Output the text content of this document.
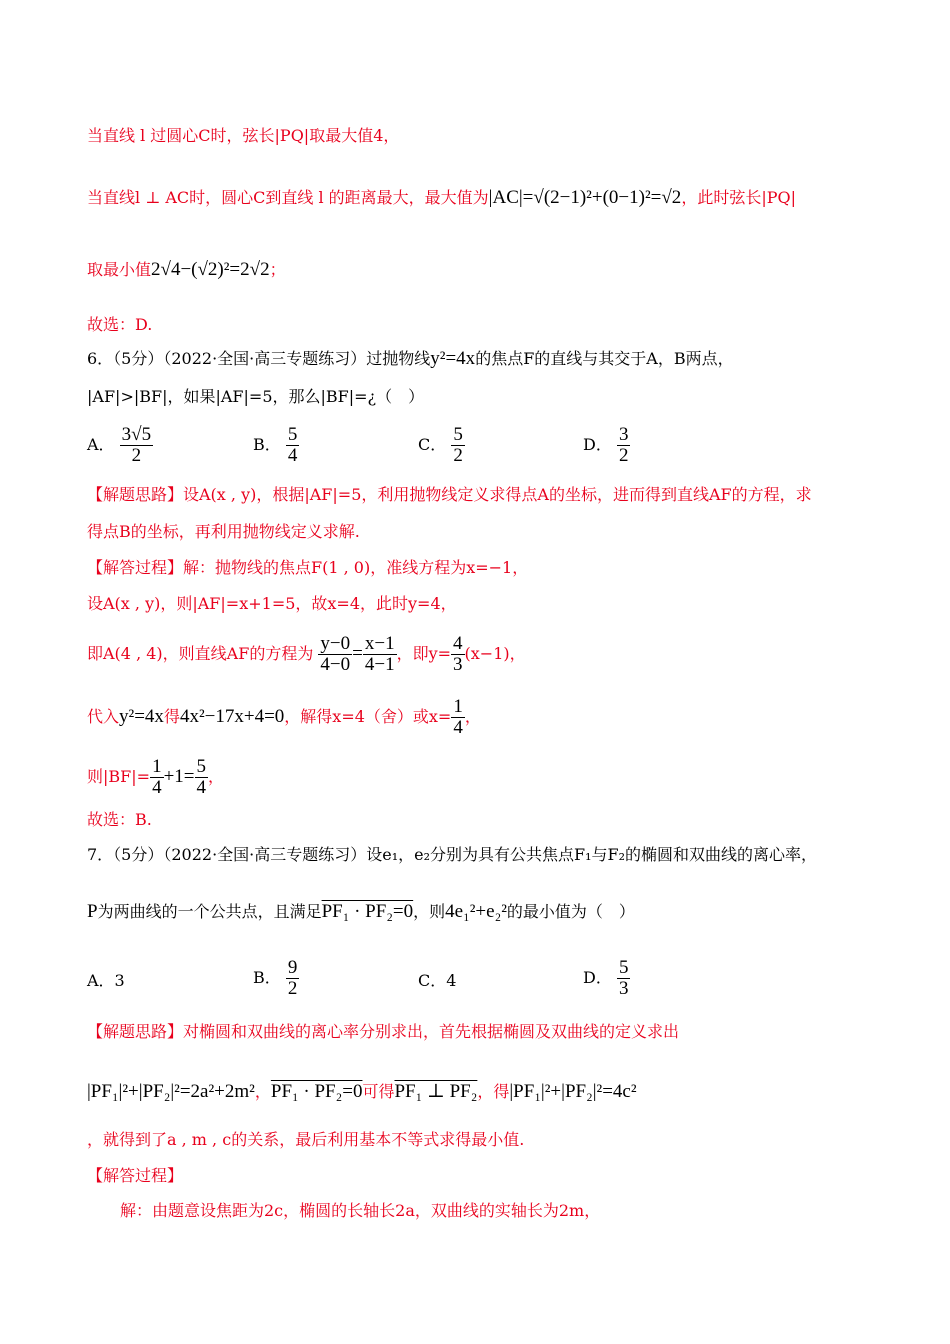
当直线 l 过圆心C时，弦长|PQ|取最大值4，
当直线l ⊥ AC时，圆心C到直线 l 的距离最大，最大值为|AC|=√(2−1)²+(0−1)²=√2，此时弦长|PQ|
取最小值2√4−(√2)²=2√2；
故选：D.
6．（5分）（2022·全国·高三专题练习）过抛物线y²=4x的焦点F的直线与其交于A，B两点，
|AF|>|BF|，如果|AF|=5，那么|BF|=¿（　）
A． $\frac{3√5}{2}$	B． $\frac{5}{4}$	C． $\frac{5}{2}$	D． $\frac{3}{2}$
【解题思路】设A(x , y)，根据|AF|=5，利用抛物线定义求得点A的坐标，进而得到直线AF的方程，求
得点B的坐标，再利用抛物线定义求解.
【解答过程】解：抛物线的焦点F(1 , 0)，准线方程为x=−1，
设A(x , y)，则|AF|=x+1=5，故x=4，此时y=4，
即A(4 , 4)，则直线AF的方程为 $\frac{y-0}{4-0} = \frac{x-1}{4-1}$ ，即$y= \frac{4}{3} (x-1)$，
代入y²=4x得4x²−17x+4=0，解得x=4（舍）或$x= \frac{1}{4}$ ，
则$|BF|= \frac{1}{4} +1= \frac{5}{4}$ ，
故选：B.
7．（5分）（2022·全国·高三专题练习）设e₁，e₂分别为具有公共焦点F₁与F₂的椭圆和双曲线的离心率，
P为两曲线的一个公共点，且满足PF₁ · PF₂=0，则4e₁²+e₂²的最小值为（　）
A．3	B． $\frac{9}{2}$	C．4	D． $\frac{5}{3}$
【解题思路】对椭圆和双曲线的离心率分别求出，首先根据椭圆及双曲线的定义求出
|PF₁|²+|PF₂|²=2a²+2m²，PF₁ · PF₂=0可得PF₁ ⊥ PF₂，得|PF₁|²+|PF₂|²=4c²
，就得到了a , m , c的关系，最后利用基本不等式求得最小值.
【解答过程】
解：由题意设焦距为2c，椭圆的长轴长2a，双曲线的实轴长为2m，
